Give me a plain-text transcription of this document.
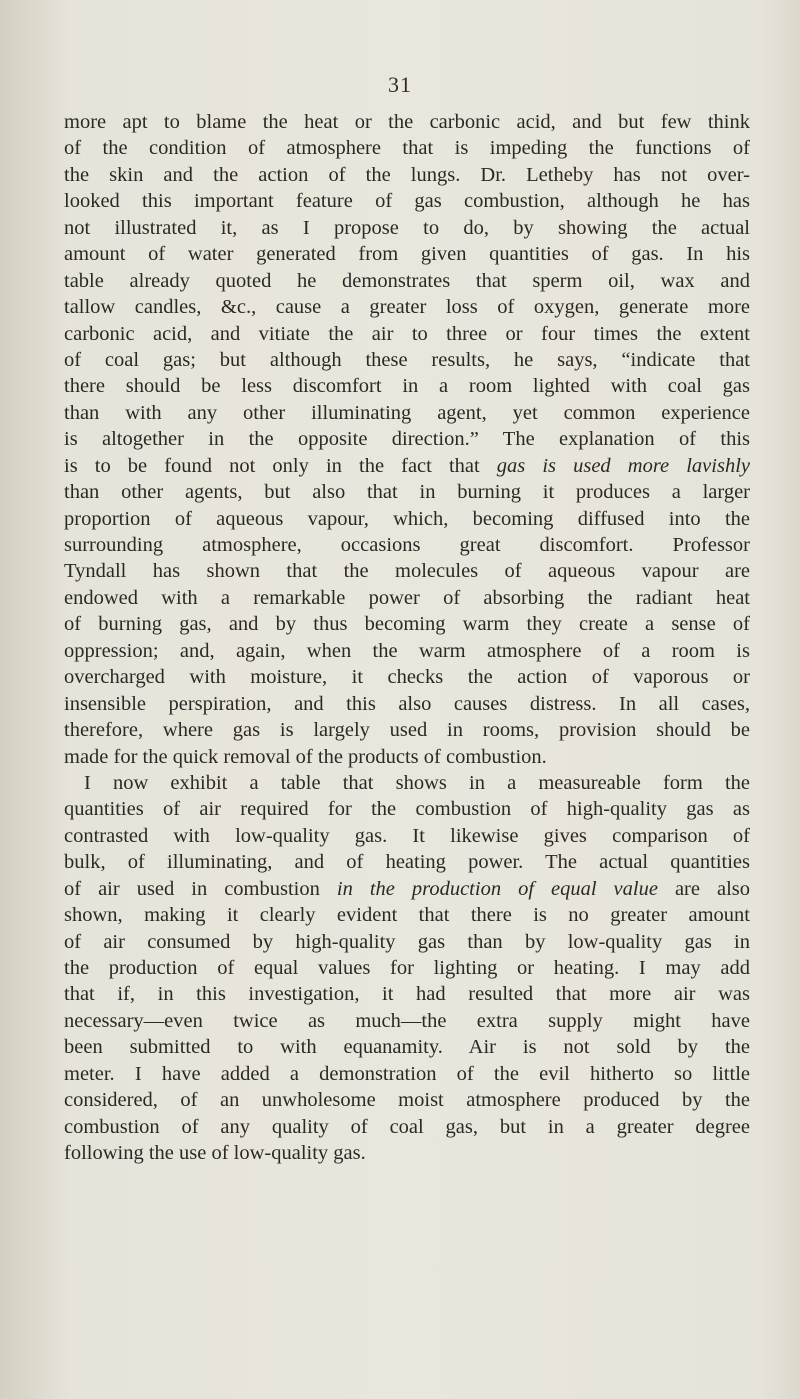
31
more apt to blame the heat or the carbonic acid, and but few think
of the condition of atmosphere that is impeding the functions of
the skin and the action of the lungs. Dr. Letheby has not over-
looked this important feature of gas combustion, although he has
not illustrated it, as I propose to do, by showing the actual
amount of water generated from given quantities of gas. In his
table already quoted he demonstrates that sperm oil, wax and
tallow candles, &c., cause a greater loss of oxygen, generate more
carbonic acid, and vitiate the air to three or four times the extent
of coal gas; but although these results, he says, “indicate that
there should be less discomfort in a room lighted with coal gas
than with any other illuminating agent, yet common experience
is altogether in the opposite direction.” The explanation of this
is to be found not only in the fact that gas is used more lavishly
than other agents, but also that in burning it produces a larger
proportion of aqueous vapour, which, becoming diffused into the
surrounding atmosphere, occasions great discomfort. Professor
Tyndall has shown that the molecules of aqueous vapour are
endowed with a remarkable power of absorbing the radiant heat
of burning gas, and by thus becoming warm they create a sense of
oppression; and, again, when the warm atmosphere of a room is
overcharged with moisture, it checks the action of vaporous or
insensible perspiration, and this also causes distress. In all cases,
therefore, where gas is largely used in rooms, provision should be
made for the quick removal of the products of combustion.
I now exhibit a table that shows in a measureable form the
quantities of air required for the combustion of high-quality gas as
contrasted with low-quality gas. It likewise gives comparison of
bulk, of illuminating, and of heating power. The actual quantities
of air used in combustion in the production of equal value are also
shown, making it clearly evident that there is no greater amount
of air consumed by high-quality gas than by low-quality gas in
the production of equal values for lighting or heating. I may add
that if, in this investigation, it had resulted that more air was
necessary—even twice as much—the extra supply might have
been submitted to with equanamity. Air is not sold by the
meter. I have added a demonstration of the evil hitherto so little
considered, of an unwholesome moist atmosphere produced by the
combustion of any quality of coal gas, but in a greater degree
following the use of low-quality gas.
